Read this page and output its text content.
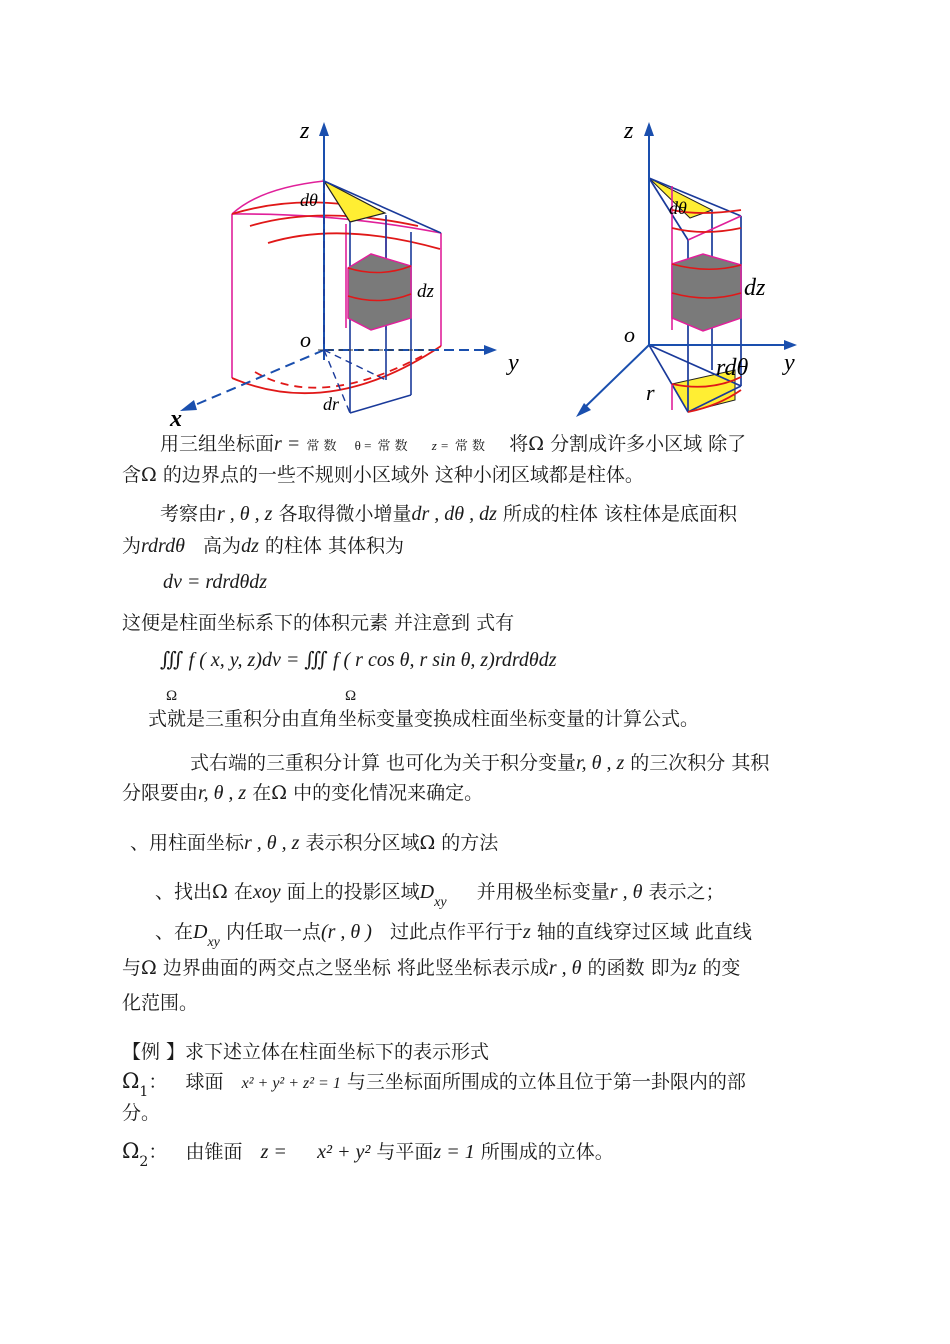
z
y
x
o
dθ
dz
dr
z
y
o
dθ
dz
rdθ
r
用三组坐标面r = 常 数 θ = 常 数 z = 常 数 将Ω 分割成许多小区域 除了
含Ω 的边界点的一些不规则小区域外 这种小闭区域都是柱体。
考察由r , θ , z 各取得微小增量dr , dθ , dz 所成的柱体 该柱体是底面积
为rdrdθ 高为dz 的柱体 其体积为
dv = rdrdθdz
这便是柱面坐标系下的体积元素 并注意到 式有
∭ f ( x, y, z)dv = ∭ f ( r cos θ, r sin θ, z)rdrdθdz
Ω	Ω
式就是三重积分由直角坐标变量变换成柱面坐标变量的计算公式。
式右端的三重积分计算 也可化为关于积分变量r, θ , z 的三次积分 其积
分限要由r, θ , z 在Ω 中的变化情况来确定。
、用柱面坐标r , θ , z 表示积分区域Ω 的方法
、找出Ω 在xoy 面上的投影区域$D_{xy}$ 并用极坐标变量r , θ 表示之；
、在$D_{xy}$ 内任取一点(r , θ ) 过此点作平行于z 轴的直线穿过区域 此直线
与Ω 边界曲面的两交点之竖坐标 将此竖坐标表示成r , θ 的函数 即为z 的变
化范围。
【例 】求下述立体在柱面坐标下的表示形式
$\Omega_1$： 球面 x² + y² + z² = 1 与三坐标面所围成的立体且位于第一卦限内的部
分。
$\Omega_2$： 由锥面 z = x² + y² 与平面z = 1 所围成的立体。
